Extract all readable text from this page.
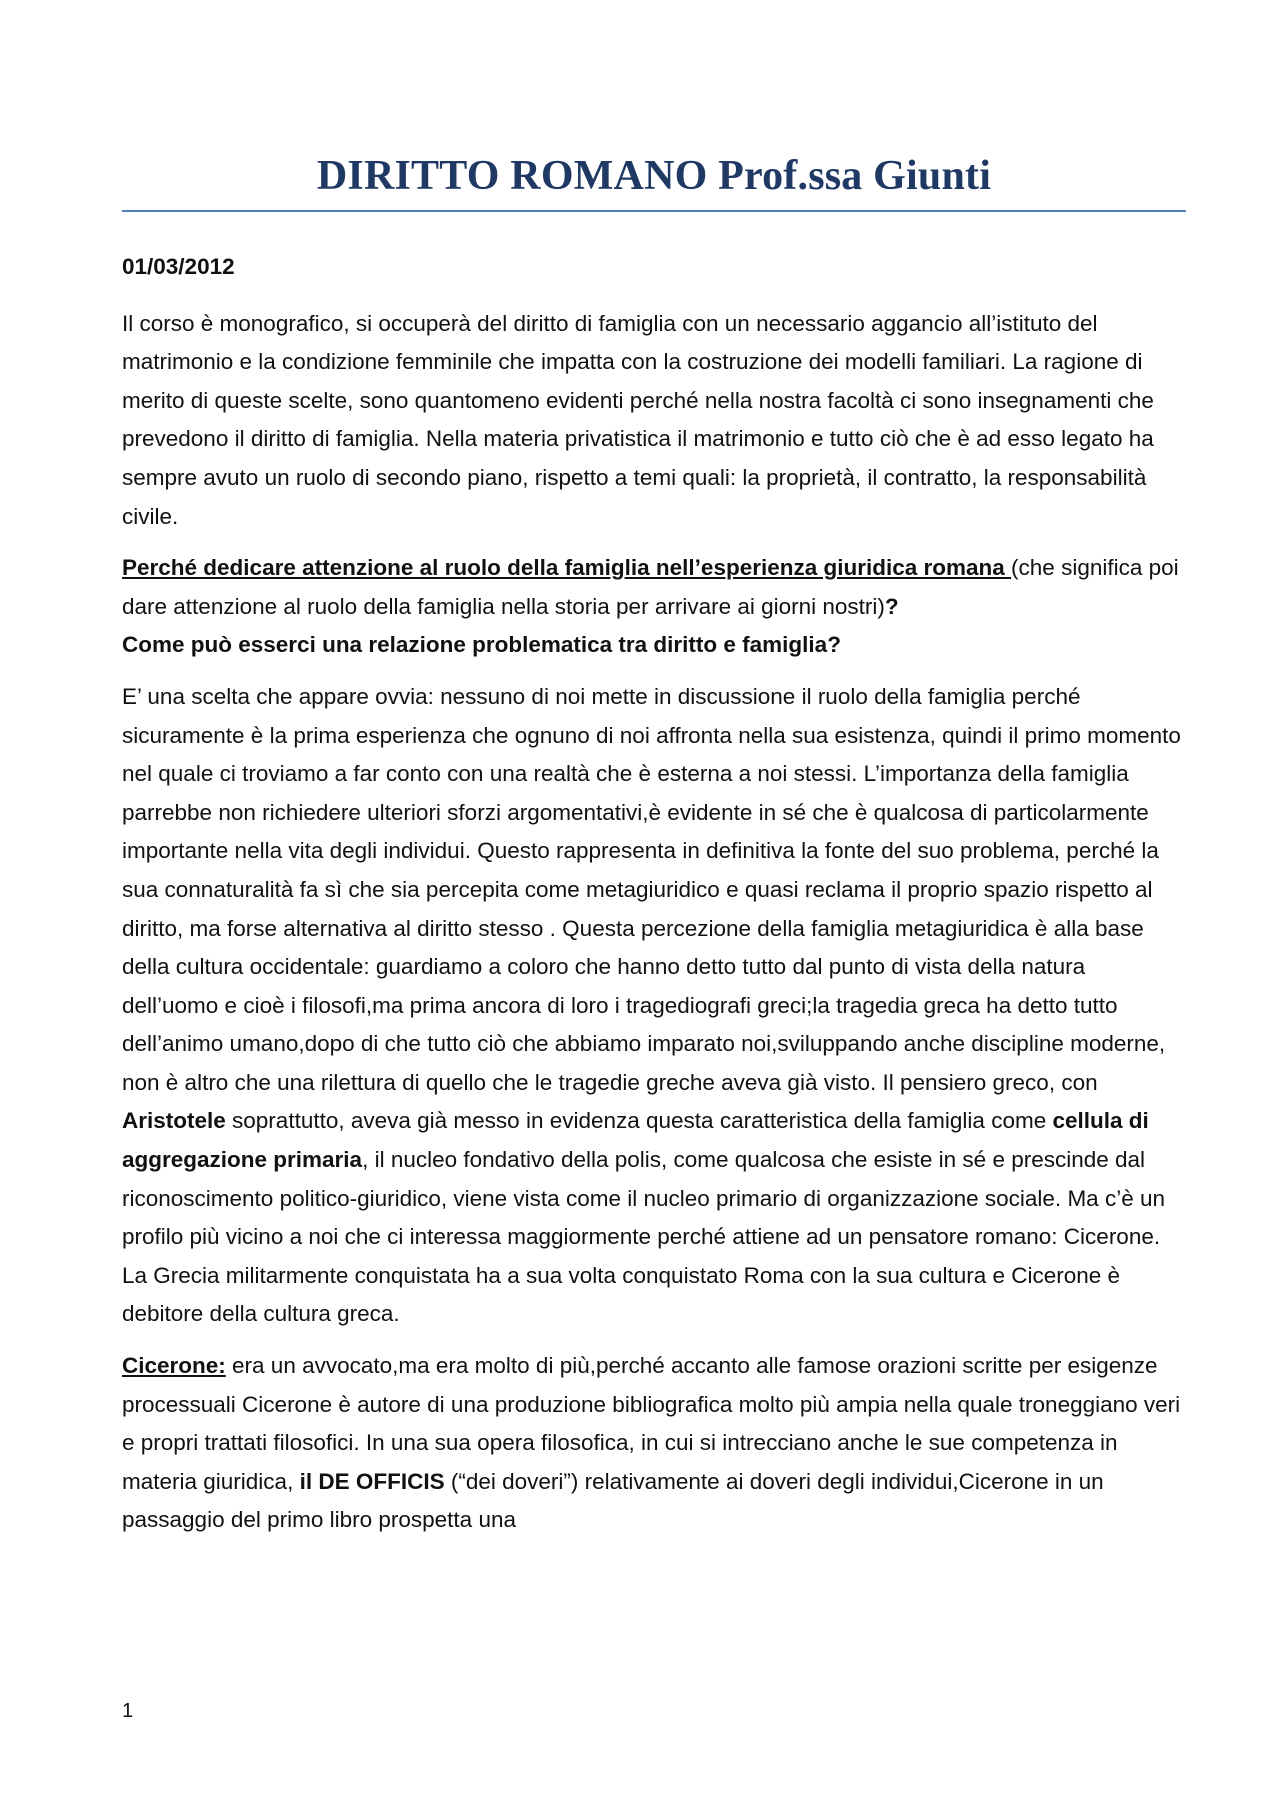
DIRITTO ROMANO Prof.ssa Giunti
01/03/2012

Il corso è monografico, si occuperà del diritto di famiglia con un necessario aggancio all’istituto del matrimonio e la condizione femminile che impatta con la costruzione dei modelli familiari. La ragione di merito di queste scelte, sono quantomeno evidenti perché nella nostra facoltà ci sono insegnamenti che prevedono il diritto di famiglia. Nella materia privatistica il matrimonio e tutto ciò che è ad esso legato ha sempre avuto un ruolo di secondo piano, rispetto a temi quali: la proprietà, il contratto, la responsabilità civile.

Perché dedicare attenzione al ruolo della famiglia nell’esperienza giuridica romana (che significa poi dare attenzione al ruolo della famiglia nella storia per arrivare ai giorni nostri)?
Come può esserci una relazione problematica tra diritto e famiglia?

E’ una scelta che appare ovvia: nessuno di noi mette in discussione il ruolo della famiglia perché sicuramente è la prima esperienza che ognuno di noi affronta nella sua esistenza, quindi il primo momento nel quale ci troviamo a far conto con una realtà che è esterna a noi stessi. L’importanza della famiglia parrebbe non richiedere ulteriori sforzi argomentativi,è evidente in sé che è qualcosa di particolarmente importante nella vita degli individui. Questo rappresenta in definitiva la fonte del suo problema, perché la sua connaturalità fa sì che sia percepita come metagiuridico e quasi reclama il proprio spazio rispetto al diritto, ma forse alternativa al diritto stesso . Questa percezione della famiglia metagiuridica è alla base della cultura occidentale: guardiamo a coloro che hanno detto tutto dal punto di vista della natura dell’uomo e cioè i filosofi,ma prima ancora di loro i tragediografi greci;la tragedia greca ha detto tutto dell’animo umano,dopo di che tutto ciò che abbiamo imparato noi,sviluppando anche discipline moderne, non è altro che una rilettura di quello che le tragedie greche aveva già visto. Il pensiero greco, con Aristotele soprattutto, aveva già messo in evidenza questa caratteristica della famiglia come cellula di aggregazione primaria, il nucleo fondativo della polis, come qualcosa che esiste in sé e prescinde dal riconoscimento politico-giuridico, viene vista come il nucleo primario di organizzazione sociale. Ma c’è un profilo più vicino a noi che ci interessa maggiormente perché attiene ad un pensatore romano: Cicerone. La Grecia militarmente conquistata ha a sua volta conquistato Roma con la sua cultura e Cicerone è debitore della cultura greca.

Cicerone: era un avvocato,ma era molto di più,perché accanto alle famose orazioni scritte per esigenze processuali Cicerone è autore di una produzione bibliografica molto più ampia nella quale troneggiano veri e propri trattati filosofici. In una sua opera filosofica, in cui si intrecciano anche le sue competenza in materia giuridica, il DE OFFICIS (“dei doveri”) relativamente ai doveri degli individui,Cicerone in un passaggio del primo libro prospetta una

1
